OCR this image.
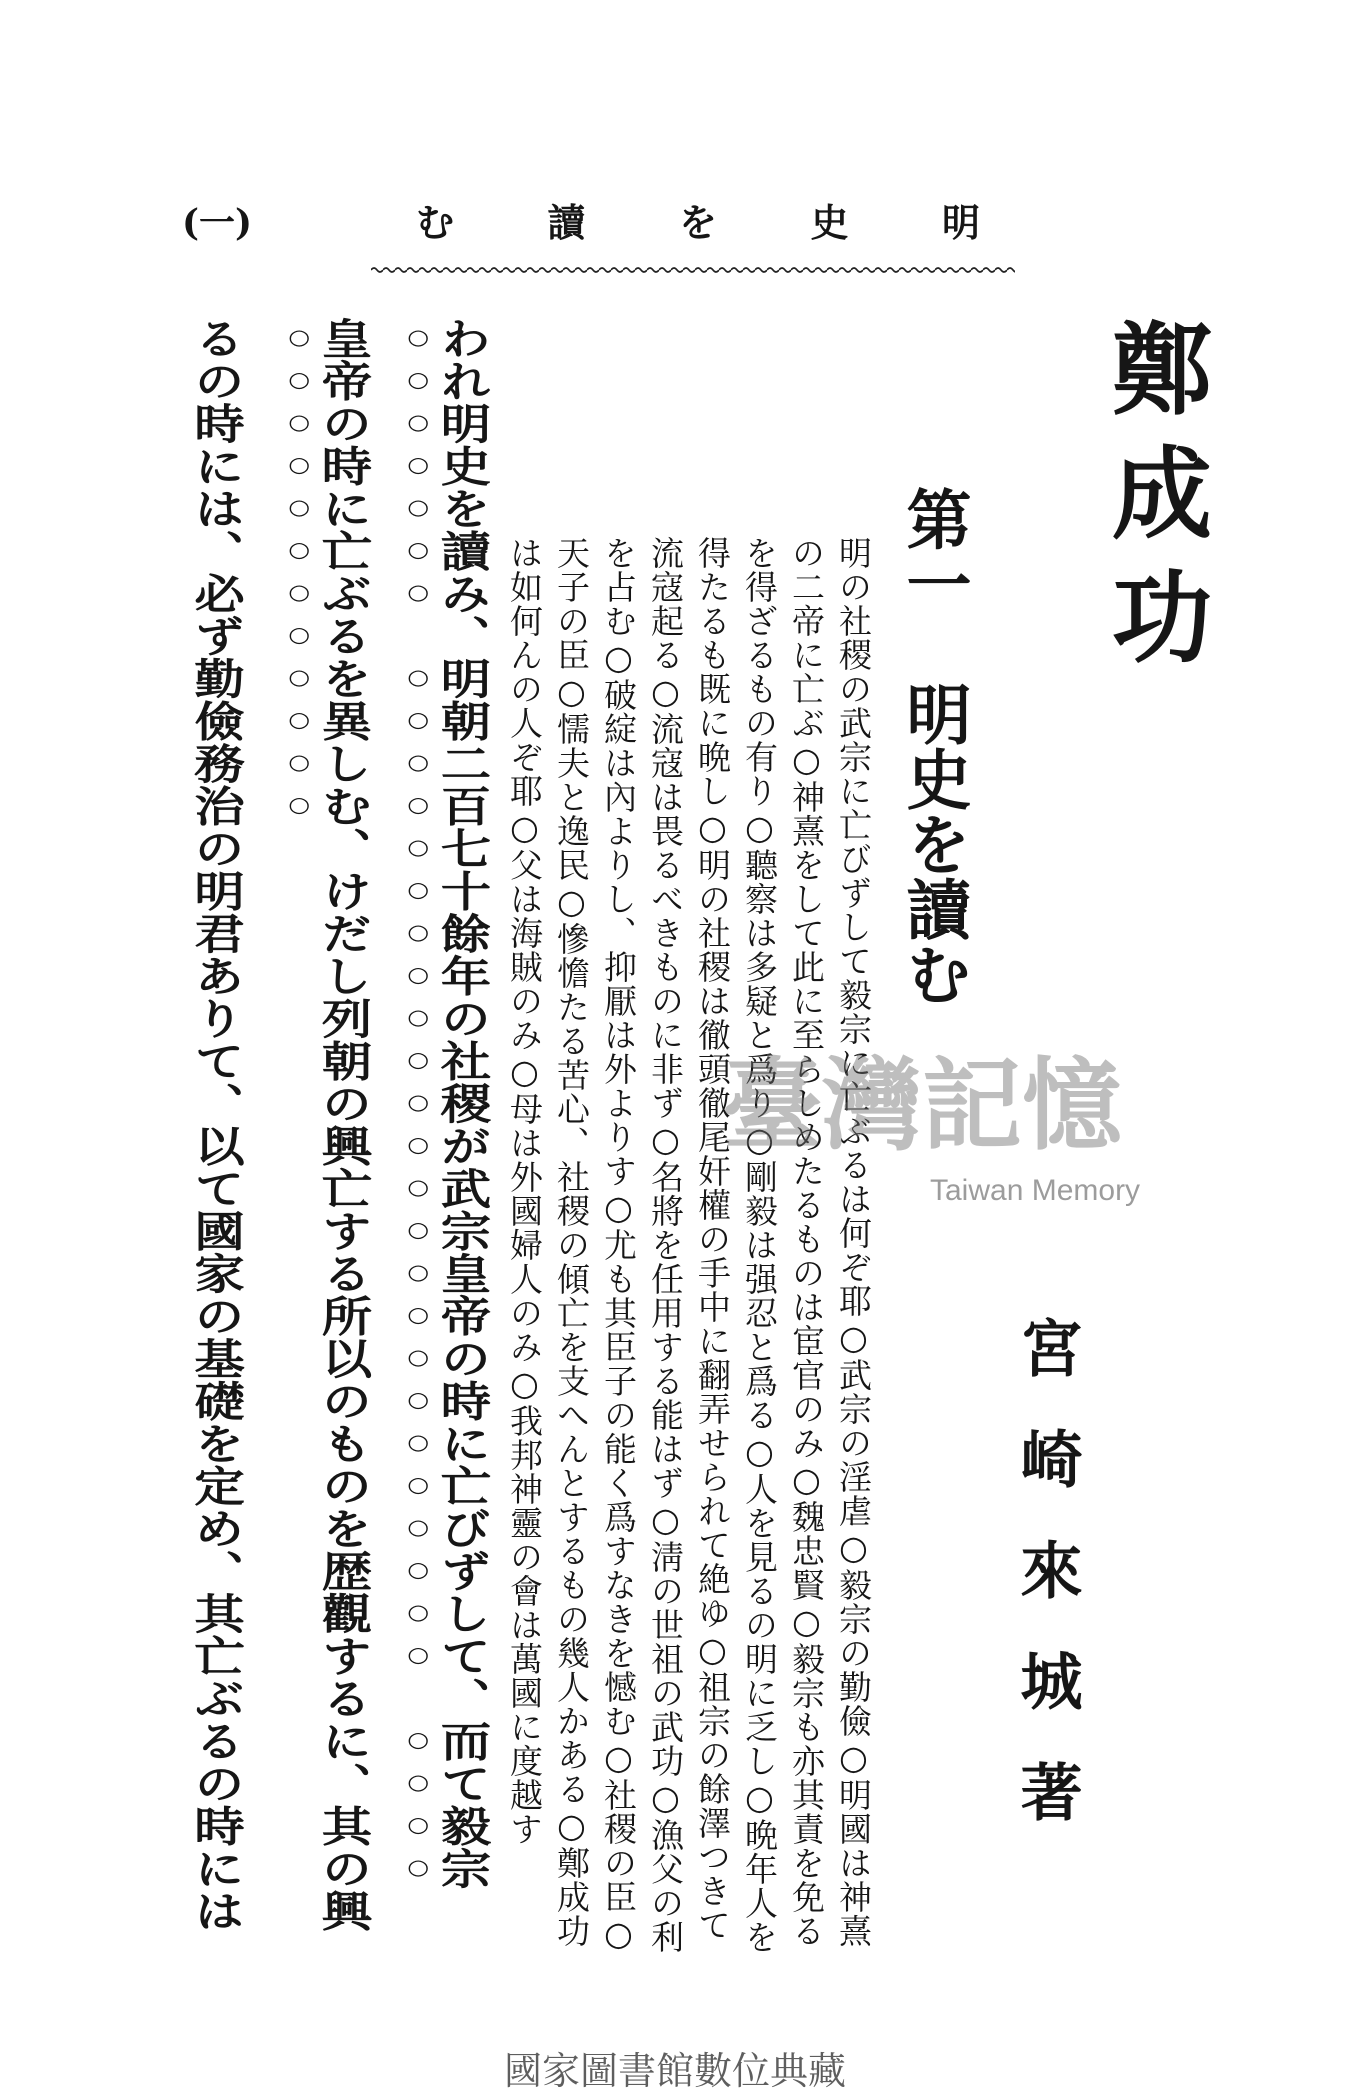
(一)	明
史
を
讀
む
鄭成功
第一　明史を讀む
宮崎來城著
明の社稷の武宗に亡びずして毅宗に亡ぶるは何ぞ耶○武宗の淫虐○毅宗の勤儉○明國は神熹
の二帝に亡ぶ○神熹をして此に至らしめたるものは宦官のみ○魏忠賢○毅宗も亦其責を免る
を得ざるもの有り○聽察は多疑と爲り○剛毅は强忍と爲る○人を見るの明に乏し○晩年人を
得たるも既に晩し○明の社稷は徹頭徹尾奸權の手中に翻弄せられて絶ゆ○祖宗の餘澤つきて
流寇起る○流寇は畏るべきものに非ず○名將を任用する能はず○淸の世祖の武功○漁父の利
を占む○破綻は內よりし、抑厭は外よりす○尤も其臣子の能く爲すなきを憾む○社稷の臣○
天子の臣○懦夫と逸民○慘憺たる苦心、社稷の傾亡を支へんとするもの幾人かある○鄭成功
は如何んの人ぞ耶○父は海賊のみ○母は外國婦人のみ○我邦神靈の會は萬國に度越す
われ明史を讀み、明朝二百七十餘年の社稷が武宗皇帝の時に亡びずして、而て毅宗
皇帝の時に亡ぶるを異しむ、けだし列朝の興亡する所以のものを歴觀するに、其の興
るの時には、必ず勤儉務治の明君ありて、以て國家の基礎を定め、其亡ぶるの時には	臺灣記憶
Taiwan Memory
國家圖書館數位典藏
